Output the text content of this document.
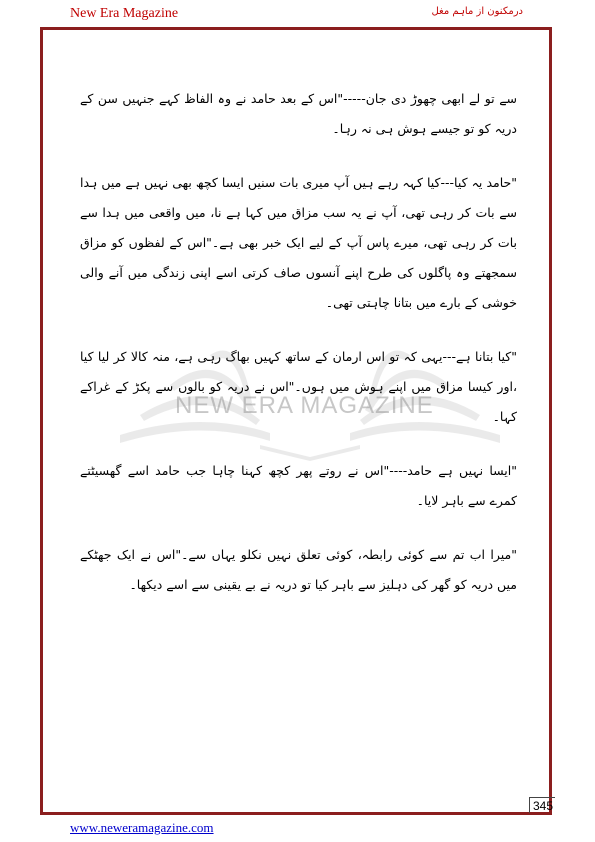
New Era Magazine	درمکنون از ماہم مغل
NEW ERA MAGAZINE

سے تو لے ابھی چھوڑ دی جان-----"اس کے بعد حامد نے وہ الفاظ کہے جنہیں سن کے دریہ کو تو جیسے ہوش ہی نہ رہا۔

"حامد یہ کیا---کیا کہہ رہے ہیں آپ میری بات سنیں ایسا کچھ بھی نہیں ہے میں ہدا سے بات کر رہی تھی، آپ نے یہ سب مزاق میں کہا ہے نا، میں واقعی میں ہدا سے بات کر رہی تھی، میرے پاس آپ کے لیے ایک خبر بھی ہے۔"اس کے لفظوں کو مزاق سمجھتے وہ پاگلوں کی طرح اپنے آنسوں صاف کرتی اسے اپنی زندگی میں آنے والی خوشی کے بارے میں بتانا چاہتی تھی۔

"کیا بتانا ہے---یہی کہ تو اس ارمان کے ساتھ کہیں بھاگ رہی ہے، منہ کالا کر لیا کیا ،اور کیسا مزاق میں اپنے ہوش میں ہوں۔"اس نے دریہ کو بالوں سے پکڑ کے غراکے کہا۔

"ایسا نہیں ہے حامد----"اس نے روتے پھر کچھ کہنا چاہا جب حامد اسے گھسیٹتے کمرے سے باہر لایا۔

"میرا اب تم سے کوئی رابطہ، کوئی تعلق نہیں نکلو یہاں سے۔"اس نے ایک جھٹکے میں دریہ کو گھر کی دہلیز سے باہر کیا تو دریہ نے بے یقینی سے اسے دیکھا۔

345
www.neweramagazine.com
